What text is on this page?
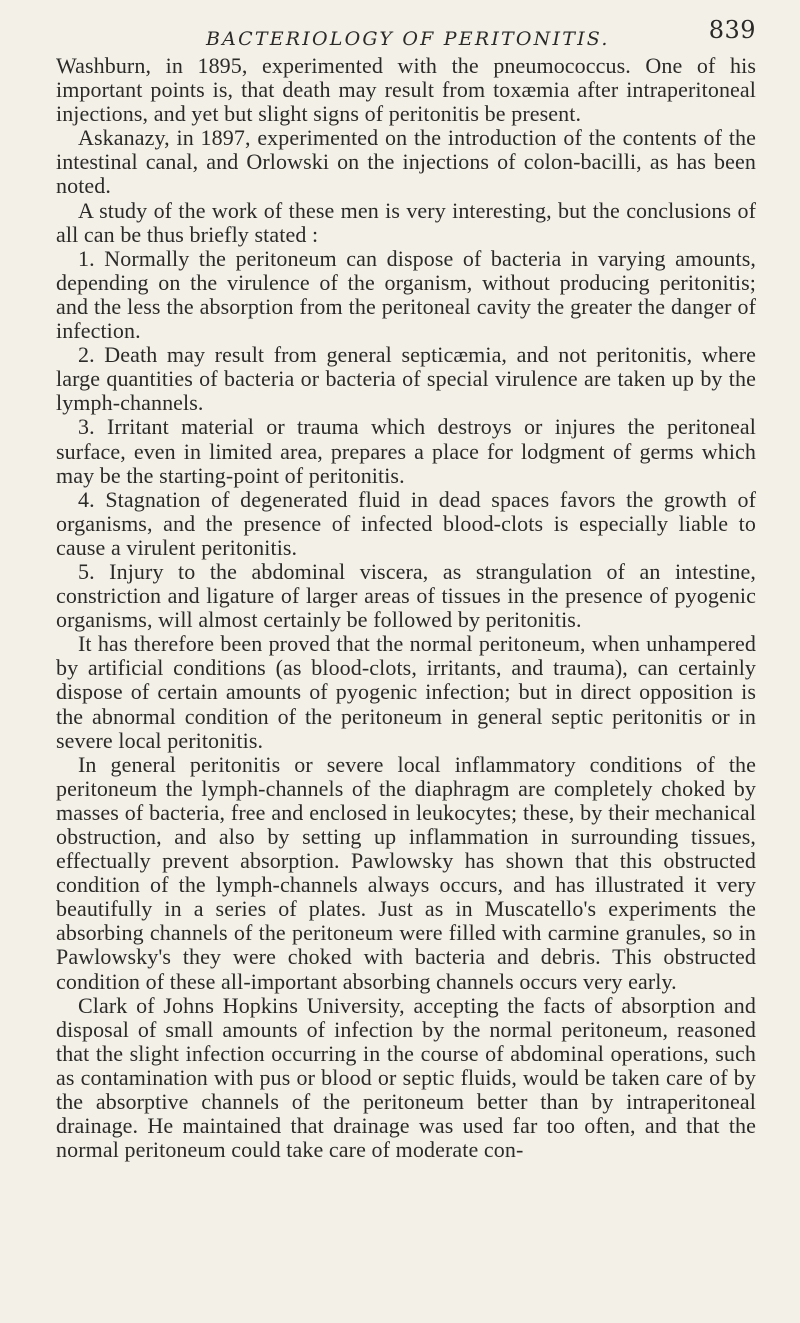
BACTERIOLOGY OF PERITONITIS.	839

Washburn, in 1895, experimented with the pneumococcus. One of his important points is, that death may result from toxæmia after intraperitoneal injections, and yet but slight signs of peritonitis be present.

Askanazy, in 1897, experimented on the introduction of the contents of the intestinal canal, and Orlowski on the injections of colon-bacilli, as has been noted.

A study of the work of these men is very interesting, but the conclusions of all can be thus briefly stated :

1. Normally the peritoneum can dispose of bacteria in varying amounts, depending on the virulence of the organism, without producing peritonitis; and the less the absorption from the peritoneal cavity the greater the danger of infection.

2. Death may result from general septicæmia, and not peritonitis, where large quantities of bacteria or bacteria of special virulence are taken up by the lymph-channels.

3. Irritant material or trauma which destroys or injures the peritoneal surface, even in limited area, prepares a place for lodgment of germs which may be the starting-point of peritonitis.

4. Stagnation of degenerated fluid in dead spaces favors the growth of organisms, and the presence of infected blood-clots is especially liable to cause a virulent peritonitis.

5. Injury to the abdominal viscera, as strangulation of an intestine, constriction and ligature of larger areas of tissues in the presence of pyogenic organisms, will almost certainly be followed by peritonitis.

It has therefore been proved that the normal peritoneum, when unhampered by artificial conditions (as blood-clots, irritants, and trauma), can certainly dispose of certain amounts of pyogenic infection; but in direct opposition is the abnormal condition of the peritoneum in general septic peritonitis or in severe local peritonitis.

In general peritonitis or severe local inflammatory conditions of the peritoneum the lymph-channels of the diaphragm are completely choked by masses of bacteria, free and enclosed in leukocytes; these, by their mechanical obstruction, and also by setting up inflammation in surrounding tissues, effectually prevent absorption. Pawlowsky has shown that this obstructed condition of the lymph-channels always occurs, and has illustrated it very beautifully in a series of plates. Just as in Muscatello's experiments the absorbing channels of the peritoneum were filled with carmine granules, so in Pawlowsky's they were choked with bacteria and debris. This obstructed condition of these all-important absorbing channels occurs very early.

Clark of Johns Hopkins University, accepting the facts of absorption and disposal of small amounts of infection by the normal peritoneum, reasoned that the slight infection occurring in the course of abdominal operations, such as contamination with pus or blood or septic fluids, would be taken care of by the absorptive channels of the peritoneum better than by intraperitoneal drainage. He maintained that drainage was used far too often, and that the normal peritoneum could take care of moderate con-
